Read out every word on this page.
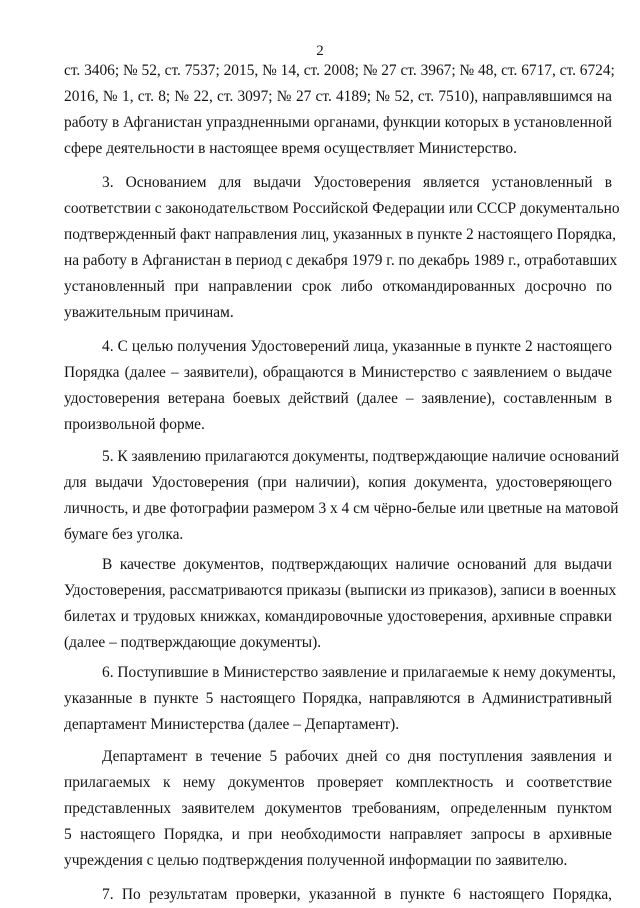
2
ст. 3406; № 52, ст. 7537; 2015, № 14, ст. 2008; № 27 ст. 3967; № 48, ст. 6717, ст. 6724;
2016, № 1, ст. 8; № 22, ст. 3097; № 27 ст. 4189; № 52, ст. 7510), направлявшимся на
работу в Афганистан упраздненными органами, функции которых в установленной
сфере деятельности в настоящее время осуществляет Министерство.
3. Основанием для выдачи Удостоверения является установленный в
соответствии с законодательством Российской Федерации или СССР документально
подтвержденный факт направления лиц, указанных в пункте 2 настоящего Порядка,
на работу в Афганистан в период с декабря 1979 г. по декабрь 1989 г., отработавших
установленный при направлении срок либо откомандированных досрочно по
уважительным причинам.
4. С целью получения Удостоверений лица, указанные в пункте 2 настоящего
Порядка (далее – заявители), обращаются в Министерство с заявлением о выдаче
удостоверения ветерана боевых действий (далее – заявление), составленным в
произвольной форме.
5. К заявлению прилагаются документы, подтверждающие наличие оснований
для выдачи Удостоверения (при наличии), копия документа, удостоверяющего
личность, и две фотографии размером 3 х 4 см чёрно-белые или цветные на матовой
бумаге без уголка.
В качестве документов, подтверждающих наличие оснований для выдачи
Удостоверения, рассматриваются приказы (выписки из приказов), записи в военных
билетах и трудовых книжках, командировочные удостоверения, архивные справки
(далее – подтверждающие документы).
6. Поступившие в Министерство заявление и прилагаемые к нему документы,
указанные в пункте 5 настоящего Порядка, направляются в Административный
департамент Министерства (далее – Департамент).
Департамент в течение 5 рабочих дней со дня поступления заявления и
прилагаемых к нему документов проверяет комплектность и соответствие
представленных заявителем документов требованиям, определенным пунктом
5 настоящего Порядка, и при необходимости направляет запросы в архивные
учреждения с целью подтверждения полученной информации по заявителю.
7. По результатам проверки, указанной в пункте 6 настоящего Порядка,
